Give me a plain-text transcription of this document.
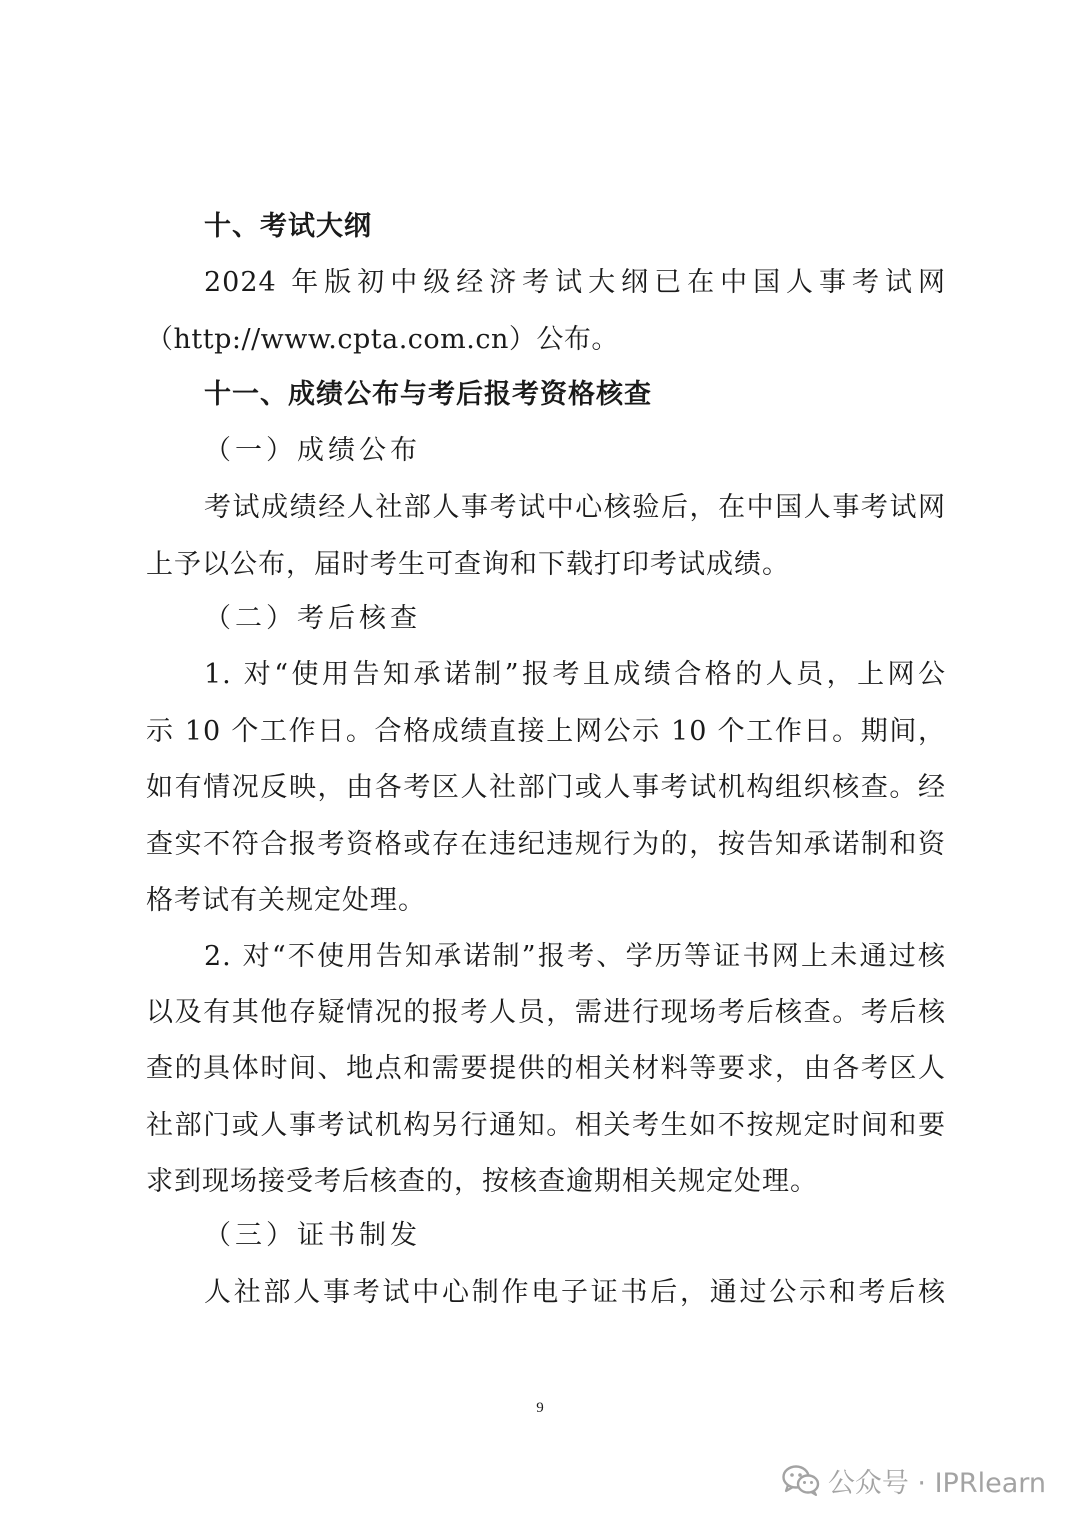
十、考试大纲
2024 年版初中级经济考试大纲已在中国人事考试网
（http://www.cpta.com.cn）公布。
十一、成绩公布与考后报考资格核查
（一）成绩公布
考试成绩经人社部人事考试中心核验后，在中国人事考试网
上予以公布，届时考生可查询和下载打印考试成绩。
（二）考后核查
1. 对“使用告知承诺制”报考且成绩合格的人员，上网公
示 10 个工作日。合格成绩直接上网公示 10 个工作日。期间，
如有情况反映，由各考区人社部门或人事考试机构组织核查。经
查实不符合报考资格或存在违纪违规行为的，按告知承诺制和资
格考试有关规定处理。
2. 对“不使用告知承诺制”报考、学历等证书网上未通过核
以及有其他存疑情况的报考人员，需进行现场考后核查。考后核
查的具体时间、地点和需要提供的相关材料等要求，由各考区人
社部门或人事考试机构另行通知。相关考生如不按规定时间和要
求到现场接受考后核查的，按核查逾期相关规定处理。
（三）证书制发
人社部人事考试中心制作电子证书后，通过公示和考后核
9
公众号 · IPRlearn
